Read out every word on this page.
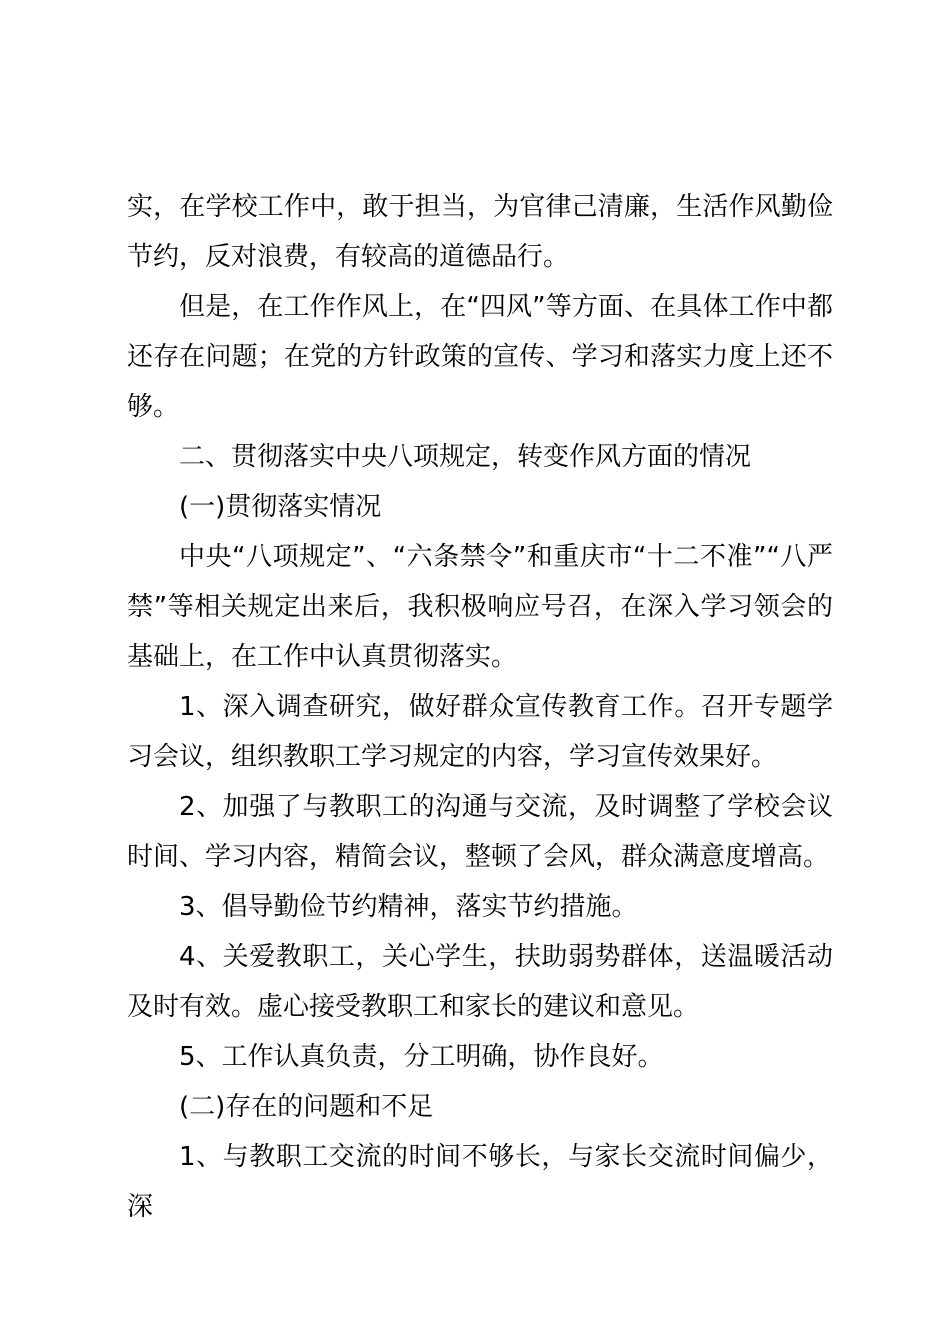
实，在学校工作中，敢于担当，为官律己清廉，生活作风勤俭节约，反对浪费，有较高的道德品行。

但是，在工作作风上，在“四风”等方面、在具体工作中都还存在问题；在党的方针政策的宣传、学习和落实力度上还不够。

二、贯彻落实中央八项规定，转变作风方面的情况

(一)贯彻落实情况

中央“八项规定”、“六条禁令”和重庆市“十二不准”“八严禁”等相关规定出来后，我积极响应号召，在深入学习领会的基础上，在工作中认真贯彻落实。

1、深入调查研究，做好群众宣传教育工作。召开专题学习会议，组织教职工学习规定的内容，学习宣传效果好。

2、加强了与教职工的沟通与交流，及时调整了学校会议时间、学习内容，精简会议，整顿了会风，群众满意度增高。

3、倡导勤俭节约精神，落实节约措施。

4、关爱教职工，关心学生，扶助弱势群体，送温暖活动及时有效。虚心接受教职工和家长的建议和意见。

5、工作认真负责，分工明确，协作良好。

(二)存在的问题和不足

1、与教职工交流的时间不够长，与家长交流时间偏少，深
